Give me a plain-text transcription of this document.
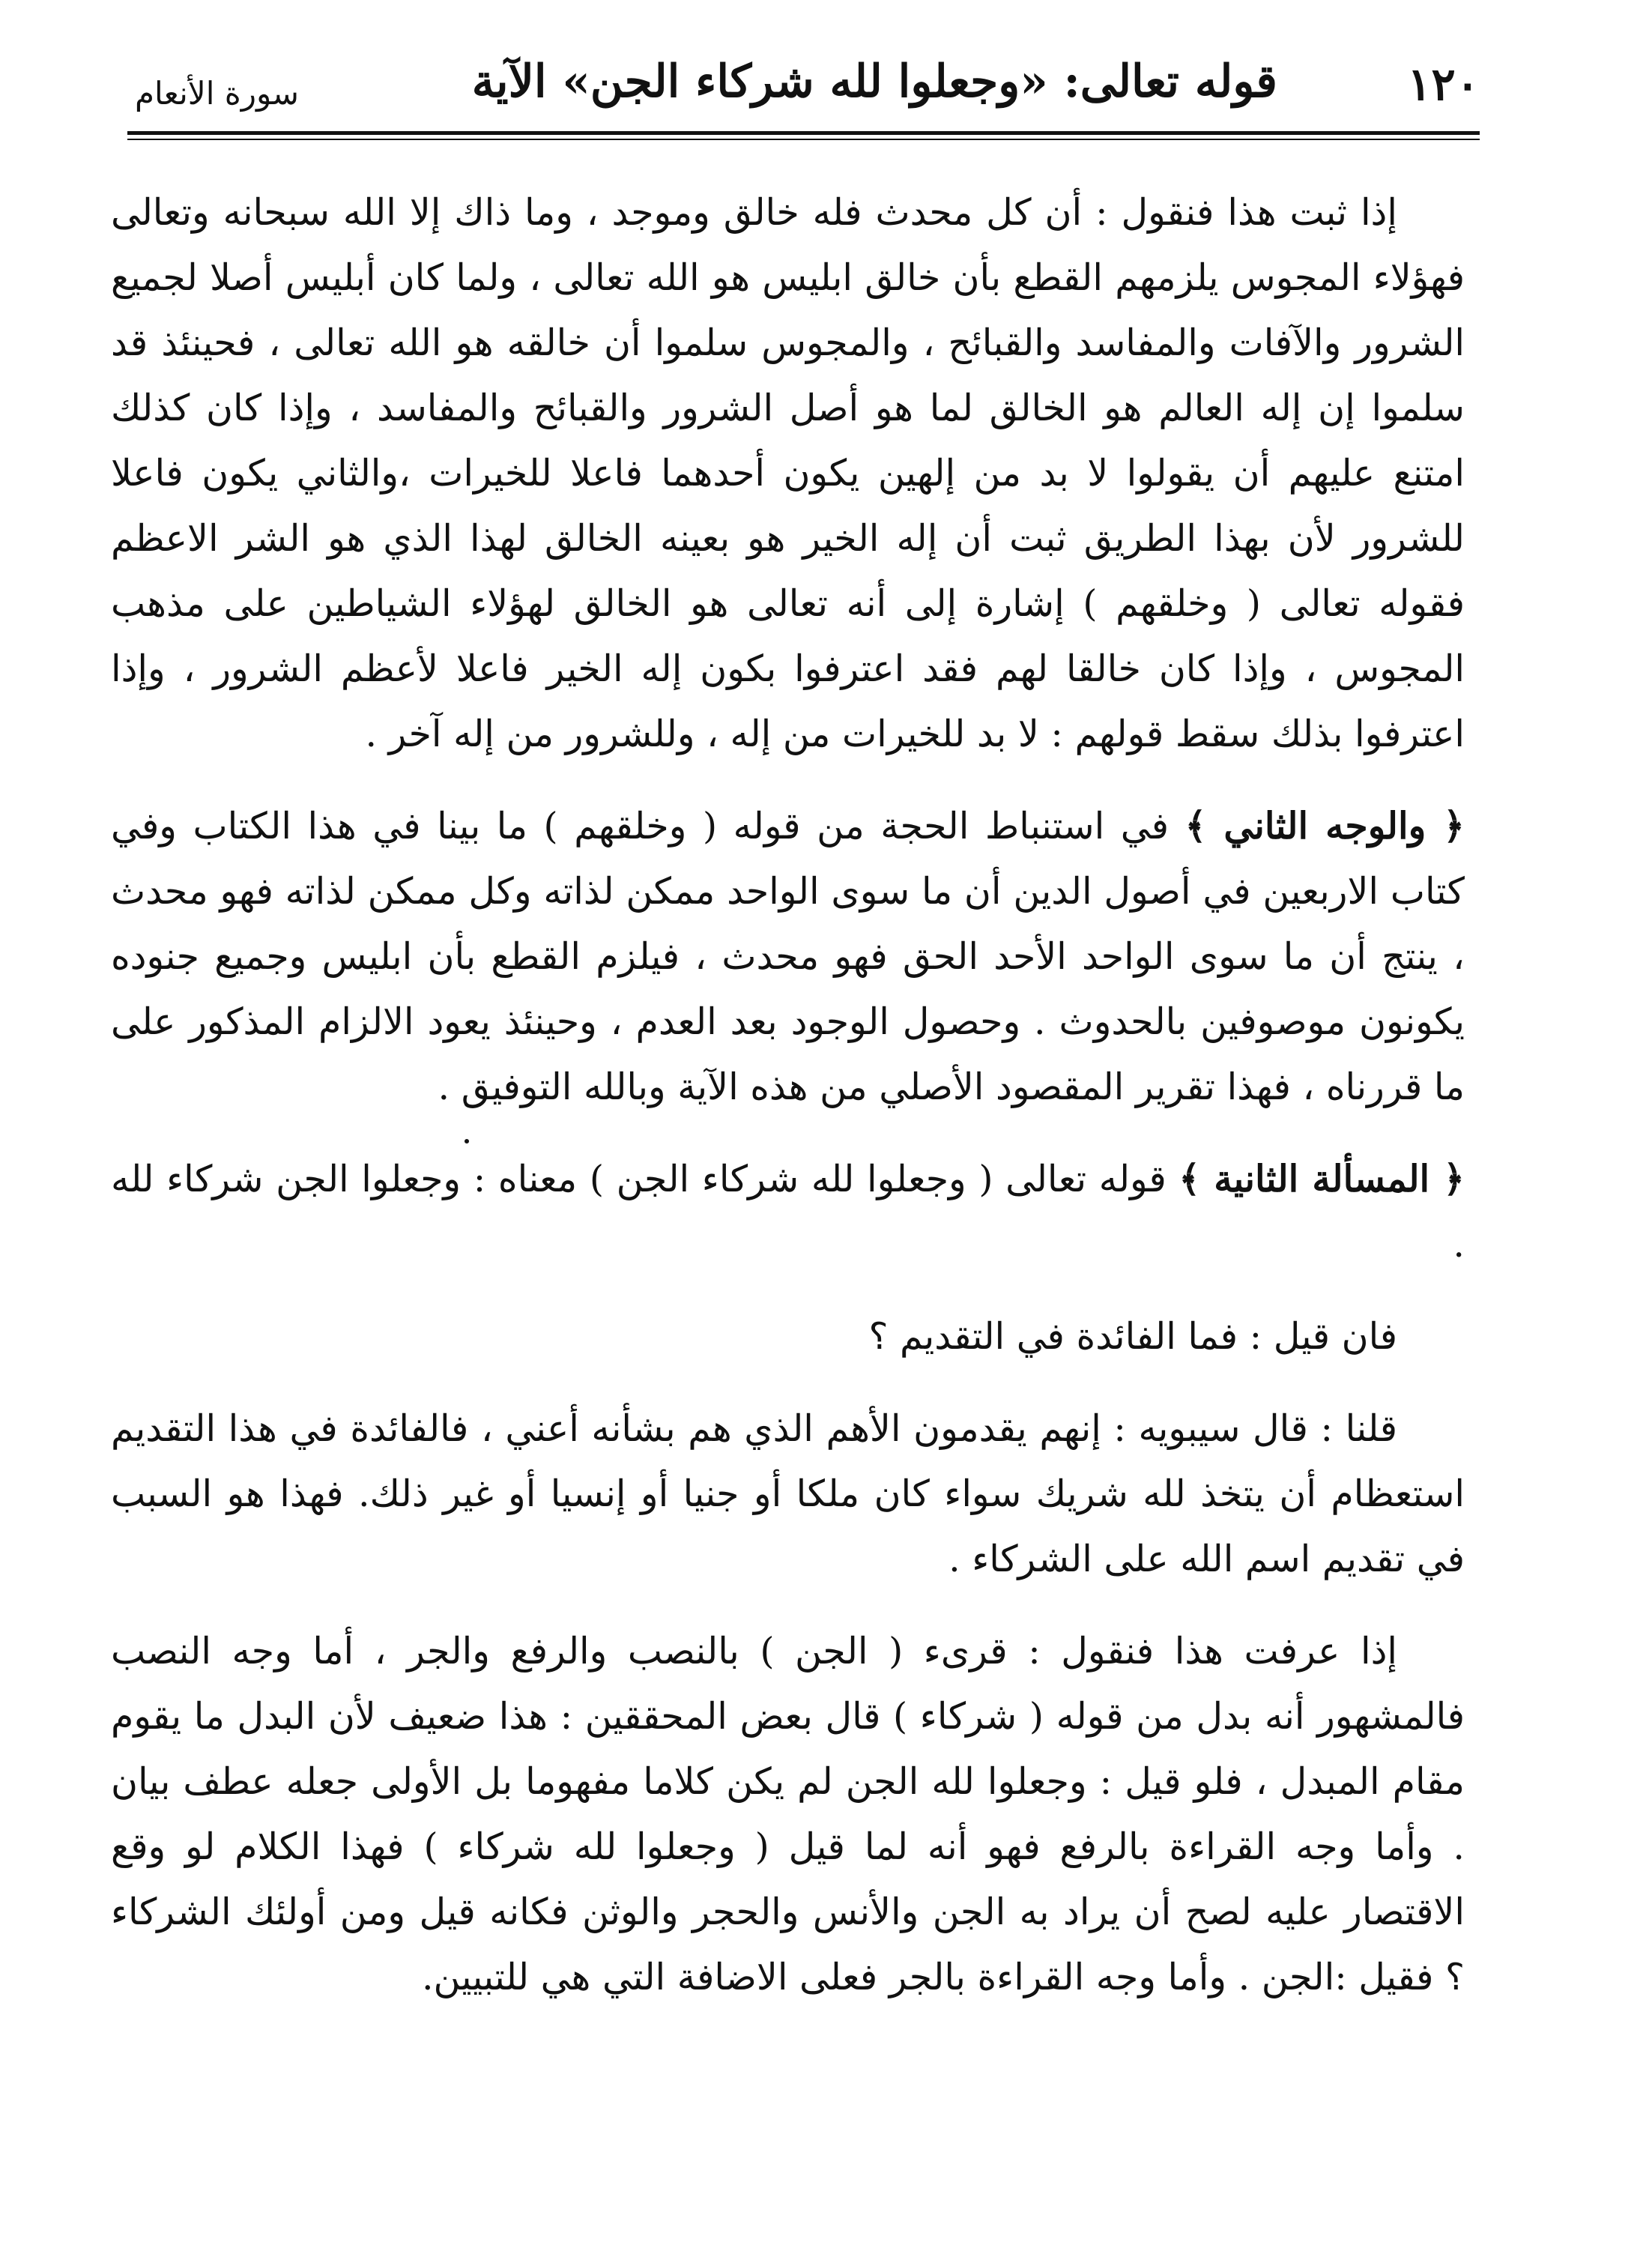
١٢٠
قوله تعالى: «وجعلوا لله شركاء الجن» الآية
سورة الأنعام

إذا ثبت هذا فنقول : أن كل محدث فله خالق وموجد ، وما ذاك إلا الله سبحانه وتعالى فهؤلاء المجوس يلزمهم القطع بأن خالق ابليس هو الله تعالى ، ولما كان أبليس أصلا لجميع الشرور والآفات والمفاسد والقبائح ، والمجوس سلموا أن خالقه هو الله تعالى ، فحينئذ قد سلموا إن إله العالم هو الخالق لما هو أصل الشرور والقبائح والمفاسد ، وإذا كان كذلك امتنع عليهم أن يقولوا لا بد من إلهين يكون أحدهما فاعلا للخيرات ،والثاني يكون فاعلا للشرور لأن بهذا الطريق ثبت أن إله الخير هو بعينه الخالق لهذا الذي هو الشر الاعظم فقوله تعالى ( وخلقهم ) إشارة إلى أنه تعالى هو الخالق لهؤلاء الشياطين على مذهب المجوس ، وإذا كان خالقا لهم فقد اعترفوا بكون إله الخير فاعلا لأعظم الشرور ، وإذا اعترفوا بذلك سقط قولهم : لا بد للخيرات من إله ، وللشرور من إله آخر .

﴿ والوجه الثاني ﴾ في استنباط الحجة من قوله ( وخلقهم ) ما بينا في هذا الكتاب وفي كتاب الاربعين في أصول الدين أن ما سوى الواحد ممكن لذاته وكل ممكن لذاته فهو محدث ، ينتج أن ما سوى الواحد الأحد الحق فهو محدث ، فيلزم القطع بأن ابليس وجميع جنوده يكونون موصوفين بالحدوث . وحصول الوجود بعد العدم ، وحينئذ يعود الالزام المذكور على ما قررناه ، فهذا تقرير المقصود الأصلي من هذه الآية وبالله التوفيق .

﴿ المسألة الثانية ﴾ قوله تعالى ( وجعلوا لله شركاء الجن ) معناه : وجعلوا الجن شركاء لله .

فان قيل : فما الفائدة في التقديم ؟

قلنا : قال سيبويه : إنهم يقدمون الأهم الذي هم بشأنه أعني ، فالفائدة في هذا التقديم استعظام أن يتخذ لله شريك سواء كان ملكا أو جنيا أو إنسيا أو غير ذلك. فهذا هو السبب في تقديم اسم الله على الشركاء .

إذا عرفت هذا فنقول : قرىء ( الجن ) بالنصب والرفع والجر ، أما وجه النصب فالمشهور أنه بدل من قوله ( شركاء ) قال بعض المحققين : هذا ضعيف لأن البدل ما يقوم مقام المبدل ، فلو قيل : وجعلوا لله الجن لم يكن كلاما مفهوما بل الأولى جعله عطف بيان . وأما وجه القراءة بالرفع فهو أنه لما قيل ( وجعلوا لله شركاء ) فهذا الكلام لو وقع الاقتصار عليه لصح أن يراد به الجن والأنس والحجر والوثن فكانه قيل ومن أولئك الشركاء ؟ فقيل :الجن . وأما وجه القراءة بالجر فعلى الاضافة التي هي للتبيين.
